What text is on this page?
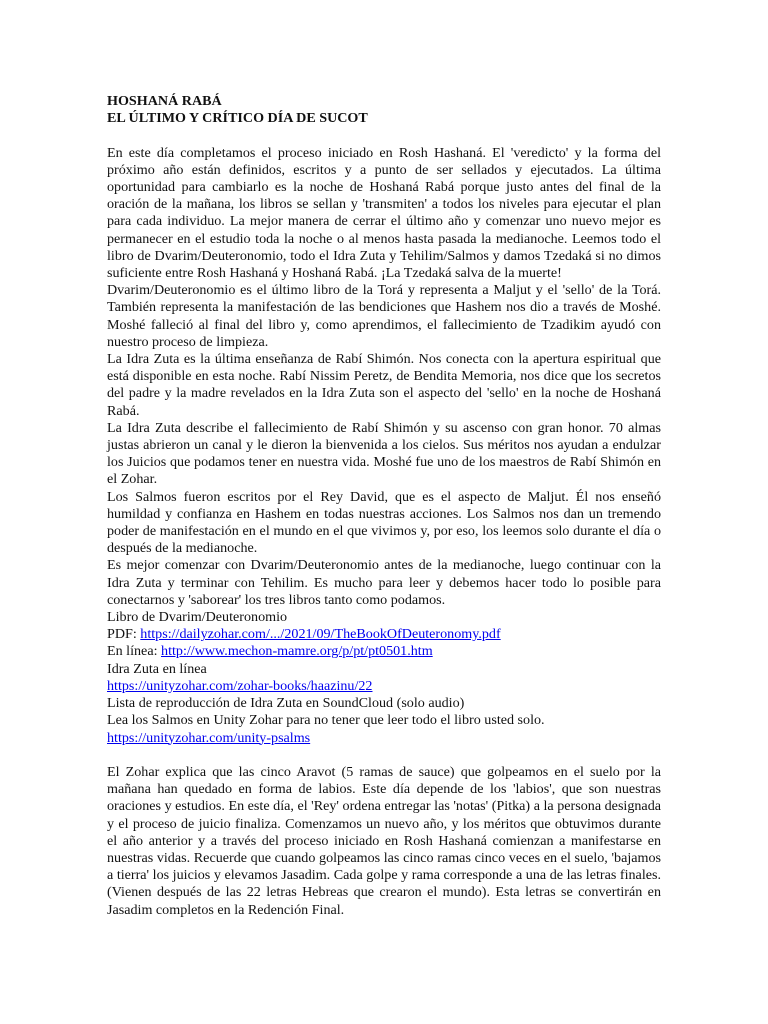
HOSHANÁ RABÁ
EL ÚLTIMO Y CRÍTICO DÍA DE SUCOT

En este día completamos el proceso iniciado en Rosh Hashaná. El 'veredicto' y la forma del próximo año están definidos, escritos y a punto de ser sellados y ejecutados. La última oportunidad para cambiarlo es la noche de Hoshaná Rabá porque justo antes del final de la oración de la mañana, los libros se sellan y 'transmiten' a todos los niveles para ejecutar el plan para cada individuo. La mejor manera de cerrar el último año y comenzar uno nuevo mejor es permanecer en el estudio toda la noche o al menos hasta pasada la medianoche. Leemos todo el libro de Dvarim/Deuteronomio, todo el Idra Zuta y Tehilim/Salmos y damos Tzedaká si no dimos suficiente entre Rosh Hashaná y Hoshaná Rabá. ¡La Tzedaká salva de la muerte!

Dvarim/Deuteronomio es el último libro de la Torá y representa a Maljut y el 'sello' de la Torá. También representa la manifestación de las bendiciones que Hashem nos dio a través de Moshé. Moshé falleció al final del libro y, como aprendimos, el fallecimiento de Tzadikim ayudó con nuestro proceso de limpieza.

La Idra Zuta es la última enseñanza de Rabí Shimón. Nos conecta con la apertura espiritual que está disponible en esta noche. Rabí Nissim Peretz, de Bendita Memoria, nos dice que los secretos del padre y la madre revelados en la Idra Zuta son el aspecto del 'sello' en la noche de Hoshaná Rabá.

La Idra Zuta describe el fallecimiento de Rabí Shimón y su ascenso con gran honor. 70 almas justas abrieron un canal y le dieron la bienvenida a los cielos. Sus méritos nos ayudan a endulzar los Juicios que podamos tener en nuestra vida. Moshé fue uno de los maestros de Rabí Shimón en el Zohar.

Los Salmos fueron escritos por el Rey David, que es el aspecto de Maljut. Él nos enseñó humildad y confianza en Hashem en todas nuestras acciones. Los Salmos nos dan un tremendo poder de manifestación en el mundo en el que vivimos y, por eso, los leemos solo durante el día o después de la medianoche.

Es mejor comenzar con Dvarim/Deuteronomio antes de la medianoche, luego continuar con la Idra Zuta y terminar con Tehilim. Es mucho para leer y debemos hacer todo lo posible para conectarnos y 'saborear' los tres libros tanto como podamos.

Libro de Dvarim/Deuteronomio
PDF: https://dailyzohar.com/.../2021/09/TheBookOfDeuteronomy.pdf
En línea: http://www.mechon-mamre.org/p/pt/pt0501.htm
Idra Zuta en línea
https://unityzohar.com/zohar-books/haazinu/22
Lista de reproducción de Idra Zuta en SoundCloud (solo audio)
Lea los Salmos en Unity Zohar para no tener que leer todo el libro usted solo.
https://unityzohar.com/unity-psalms

El Zohar explica que las cinco Aravot (5 ramas de sauce) que golpeamos en el suelo por la mañana han quedado en forma de labios. Este día depende de los 'labios', que son nuestras oraciones y estudios. En este día, el 'Rey' ordena entregar las 'notas' (Pitka) a la persona designada y el proceso de juicio finaliza. Comenzamos un nuevo año, y los méritos que obtuvimos durante el año anterior y a través del proceso iniciado en Rosh Hashaná comienzan a manifestarse en nuestras vidas. Recuerde que cuando golpeamos las cinco ramas cinco veces en el suelo, 'bajamos a tierra' los juicios y elevamos Jasadim. Cada golpe y rama corresponde a una de las letras finales. (Vienen después de las 22 letras Hebreas que crearon el mundo). Esta letras se convertirán en Jasadim completos en la Redención Final.
